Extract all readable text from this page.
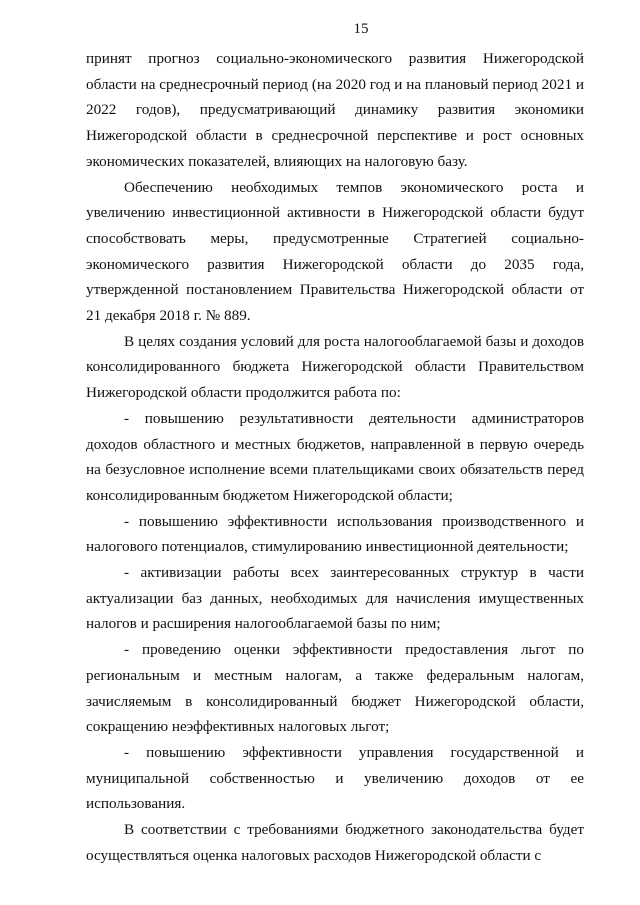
15

принят прогноз социально-экономического развития Нижегородской области на среднесрочный период (на 2020 год и на плановый период 2021 и 2022 годов), предусматривающий динамику развития экономики Нижегородской области в среднесрочной перспективе и рост основных экономических показателей, влияющих на налоговую базу.

Обеспечению необходимых темпов экономического роста и увеличению инвестиционной активности в Нижегородской области будут способствовать меры, предусмотренные Стратегией социально-экономического развития Нижегородской области до 2035 года, утвержденной постановлением Правительства Нижегородской области от 21 декабря 2018 г. № 889.

В целях создания условий для роста налогооблагаемой базы и доходов консолидированного бюджета Нижегородской области Правительством Нижегородской области продолжится работа по:

- повышению результативности деятельности администраторов доходов областного и местных бюджетов, направленной в первую очередь на безусловное исполнение всеми плательщиками своих обязательств перед консолидированным бюджетом Нижегородской области;

- повышению эффективности использования производственного и налогового потенциалов, стимулированию инвестиционной деятельности;

- активизации работы всех заинтересованных структур в части актуализации баз данных, необходимых для начисления имущественных налогов и расширения налогооблагаемой базы по ним;

- проведению оценки эффективности предоставления льгот по региональным и местным налогам, а также федеральным налогам, зачисляемым в консолидированный бюджет Нижегородской области, сокращению неэффективных налоговых льгот;

- повышению эффективности управления государственной и муниципальной собственностью и увеличению доходов от ее использования.

В соответствии с требованиями бюджетного законодательства будет осуществляться оценка налоговых расходов Нижегородской области с
